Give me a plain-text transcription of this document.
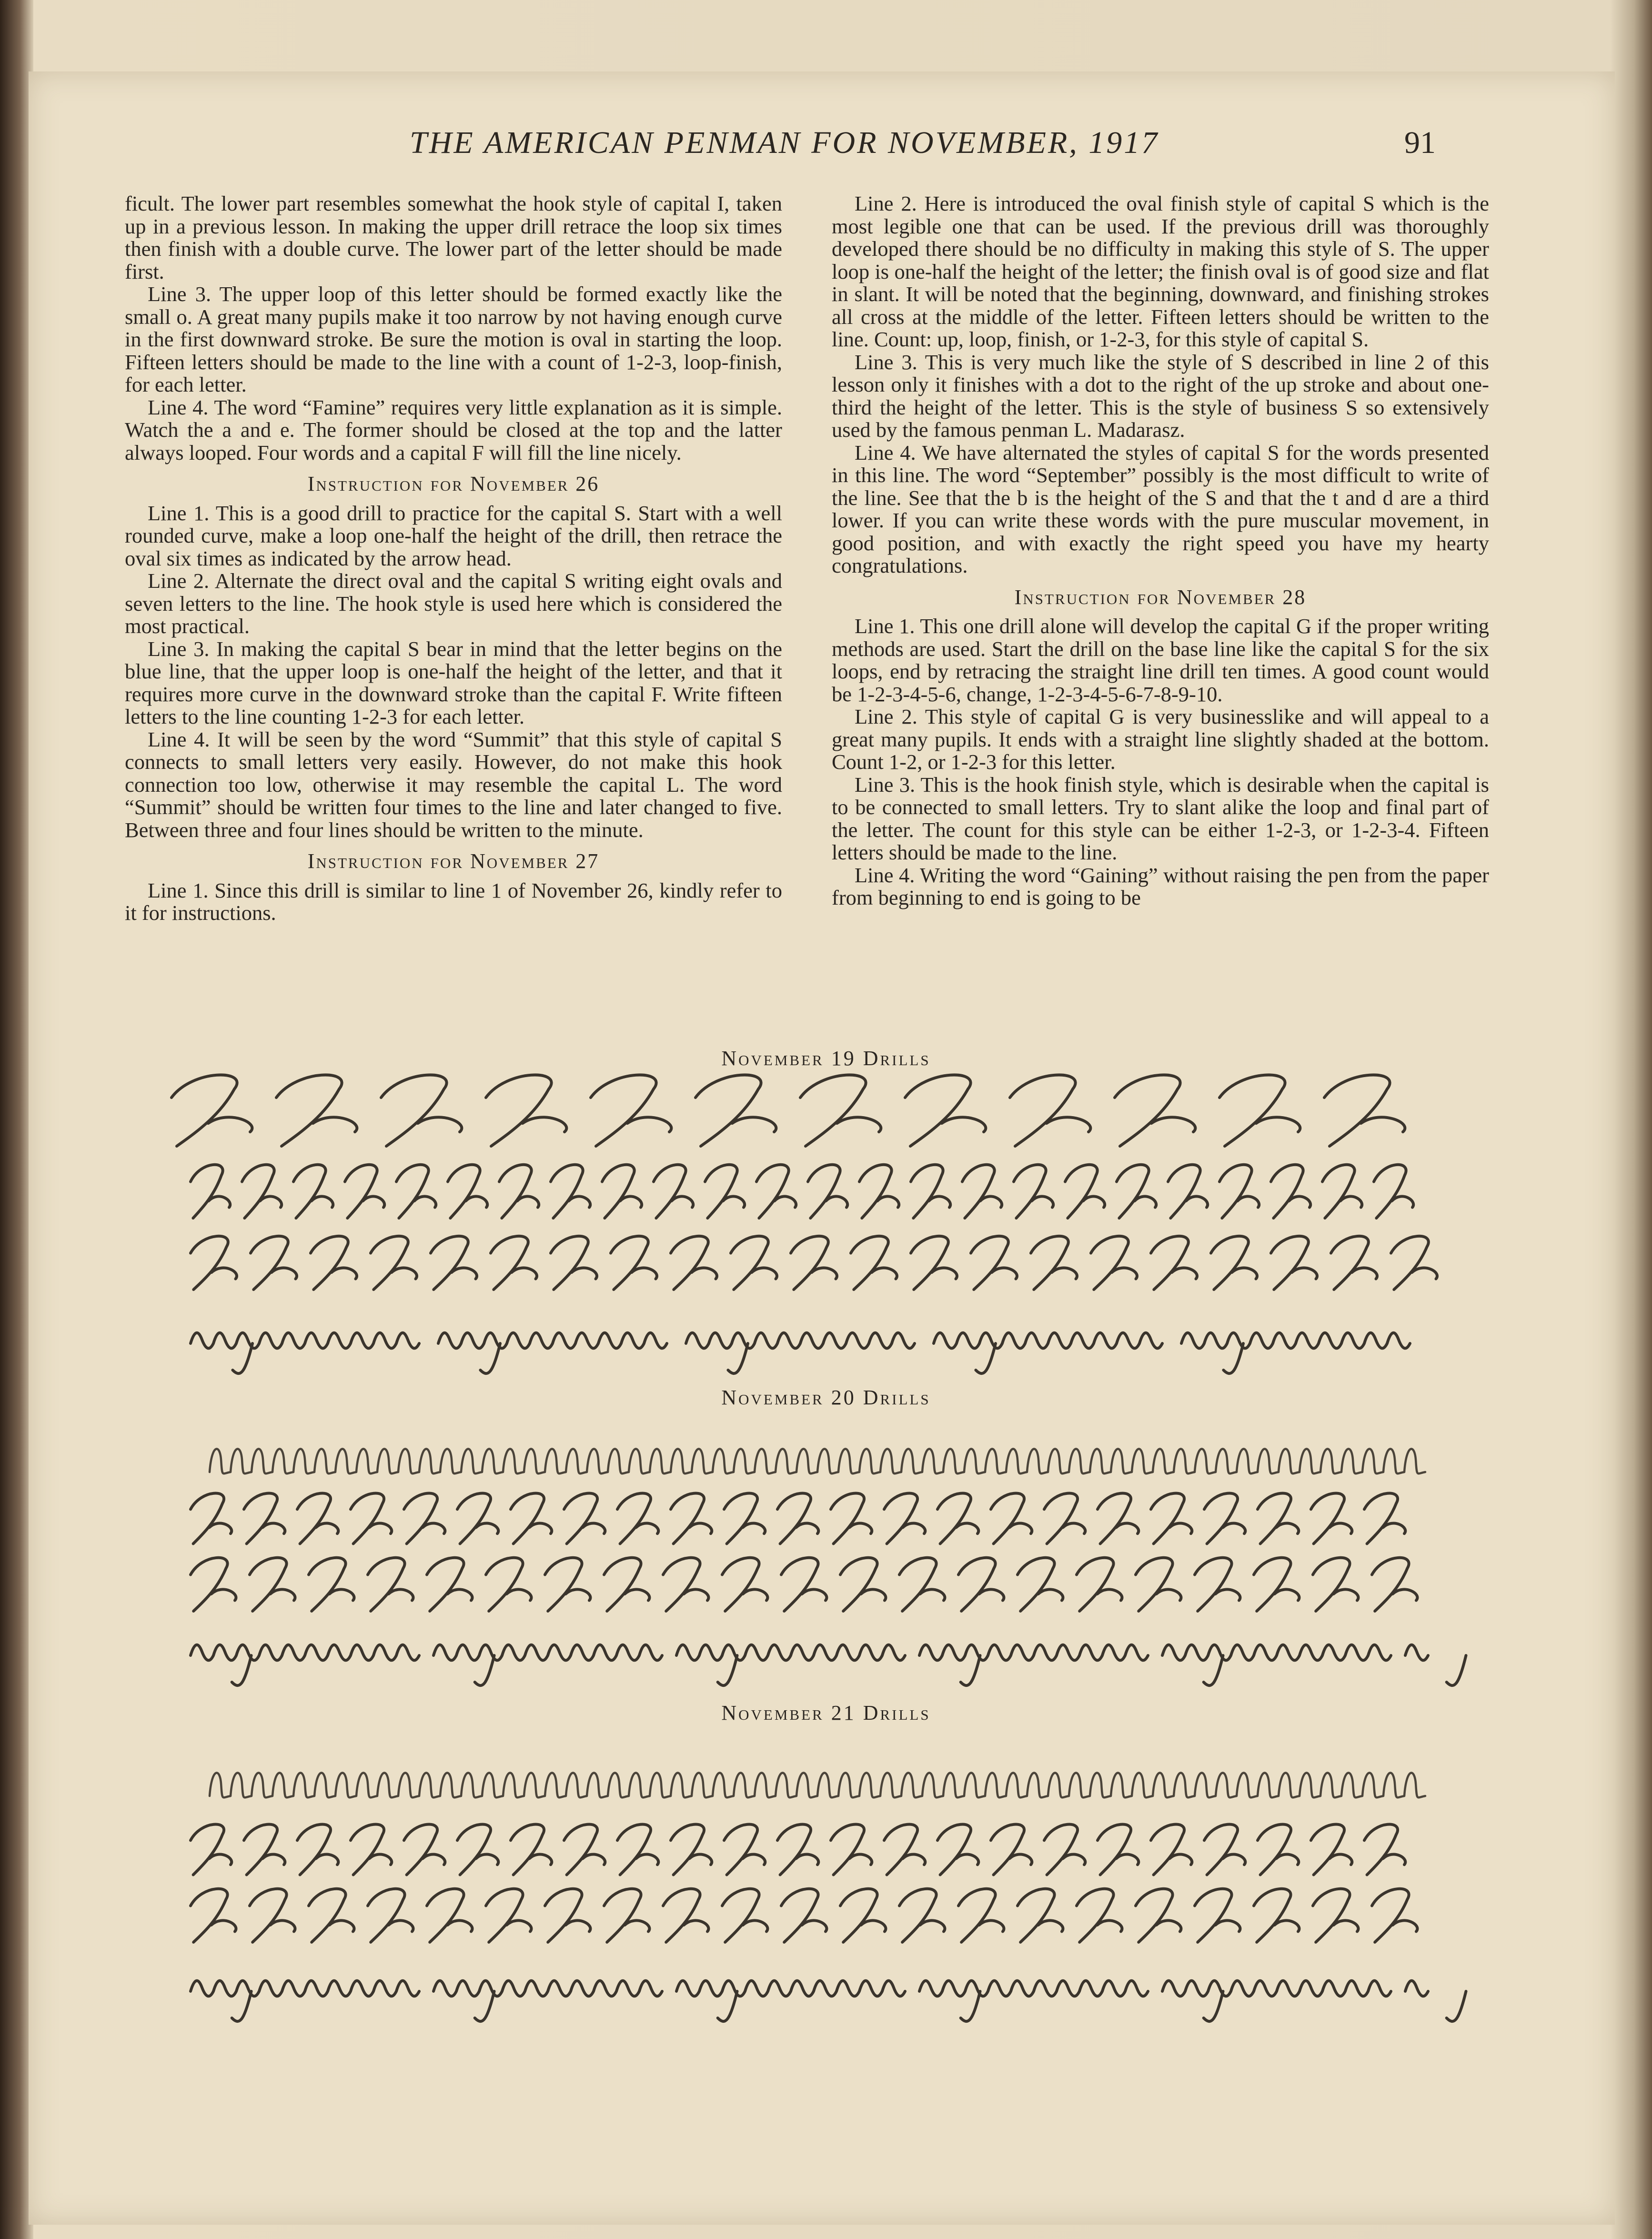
THE AMERICAN PENMAN FOR NOVEMBER, 1917	91

ficult. The lower part resembles somewhat the hook style of capital I, taken up in a previous lesson. In making the upper drill retrace the loop six times then finish with a double curve. The lower part of the letter should be made first.

Line 3. The upper loop of this letter should be formed exactly like the small o. A great many pupils make it too narrow by not having enough curve in the first downward stroke. Be sure the motion is oval in starting the loop. Fifteen letters should be made to the line with a count of 1-2-3, loop-finish, for each letter.

Line 4. The word “Famine” requires very little explanation as it is simple. Watch the a and e. The former should be closed at the top and the latter always looped. Four words and a capital F will fill the line nicely.

Instruction for November 26

Line 1. This is a good drill to practice for the capital S. Start with a well rounded curve, make a loop one-half the height of the drill, then retrace the oval six times as indicated by the arrow head.

Line 2. Alternate the direct oval and the capital S writing eight ovals and seven letters to the line. The hook style is used here which is considered the most practical.

Line 3. In making the capital S bear in mind that the letter begins on the blue line, that the upper loop is one-half the height of the letter, and that it requires more curve in the downward stroke than the capital F. Write fifteen letters to the line counting 1-2-3 for each letter.

Line 4. It will be seen by the word “Summit” that this style of capital S connects to small letters very easily. However, do not make this hook connection too low, otherwise it may resemble the capital L. The word “Summit” should be written four times to the line and later changed to five. Between three and four lines should be written to the minute.

Instruction for November 27

Line 1. Since this drill is similar to line 1 of November 26, kindly refer to it for instructions.

Line 2. Here is introduced the oval finish style of capital S which is the most legible one that can be used. If the previous drill was thoroughly developed there should be no difficulty in making this style of S. The upper loop is one-half the height of the letter; the finish oval is of good size and flat in slant. It will be noted that the beginning, downward, and finishing strokes all cross at the middle of the letter. Fifteen letters should be written to the line. Count: up, loop, finish, or 1-2-3, for this style of capital S.

Line 3. This is very much like the style of S described in line 2 of this lesson only it finishes with a dot to the right of the up stroke and about one-third the height of the letter. This is the style of business S so extensively used by the famous penman L. Madarasz.

Line 4. We have alternated the styles of capital S for the words presented in this line. The word “September” possibly is the most difficult to write of the line. See that the b is the height of the S and that the t and d are a third lower. If you can write these words with the pure muscular movement, in good position, and with exactly the right speed you have my hearty congratulations.

Instruction for November 28

Line 1. This one drill alone will develop the capital G if the proper writing methods are used. Start the drill on the base line like the capital S for the six loops, end by retracing the straight line drill ten times. A good count would be 1-2-3-4-5-6, change, 1-2-3-4-5-6-7-8-9-10.

Line 2. This style of capital G is very businesslike and will appeal to a great many pupils. It ends with a straight line slightly shaded at the bottom. Count 1-2, or 1-2-3 for this letter.

Line 3. This is the hook finish style, which is desirable when the capital is to be connected to small letters. Try to slant alike the loop and final part of the letter. The count for this style can be either 1-2-3, or 1-2-3-4. Fifteen letters should be made to the line.

Line 4. Writing the word “Gaining” without raising the pen from the paper from beginning to end is going to be

November 19 Drills
November 20 Drills
November 21 Drills
